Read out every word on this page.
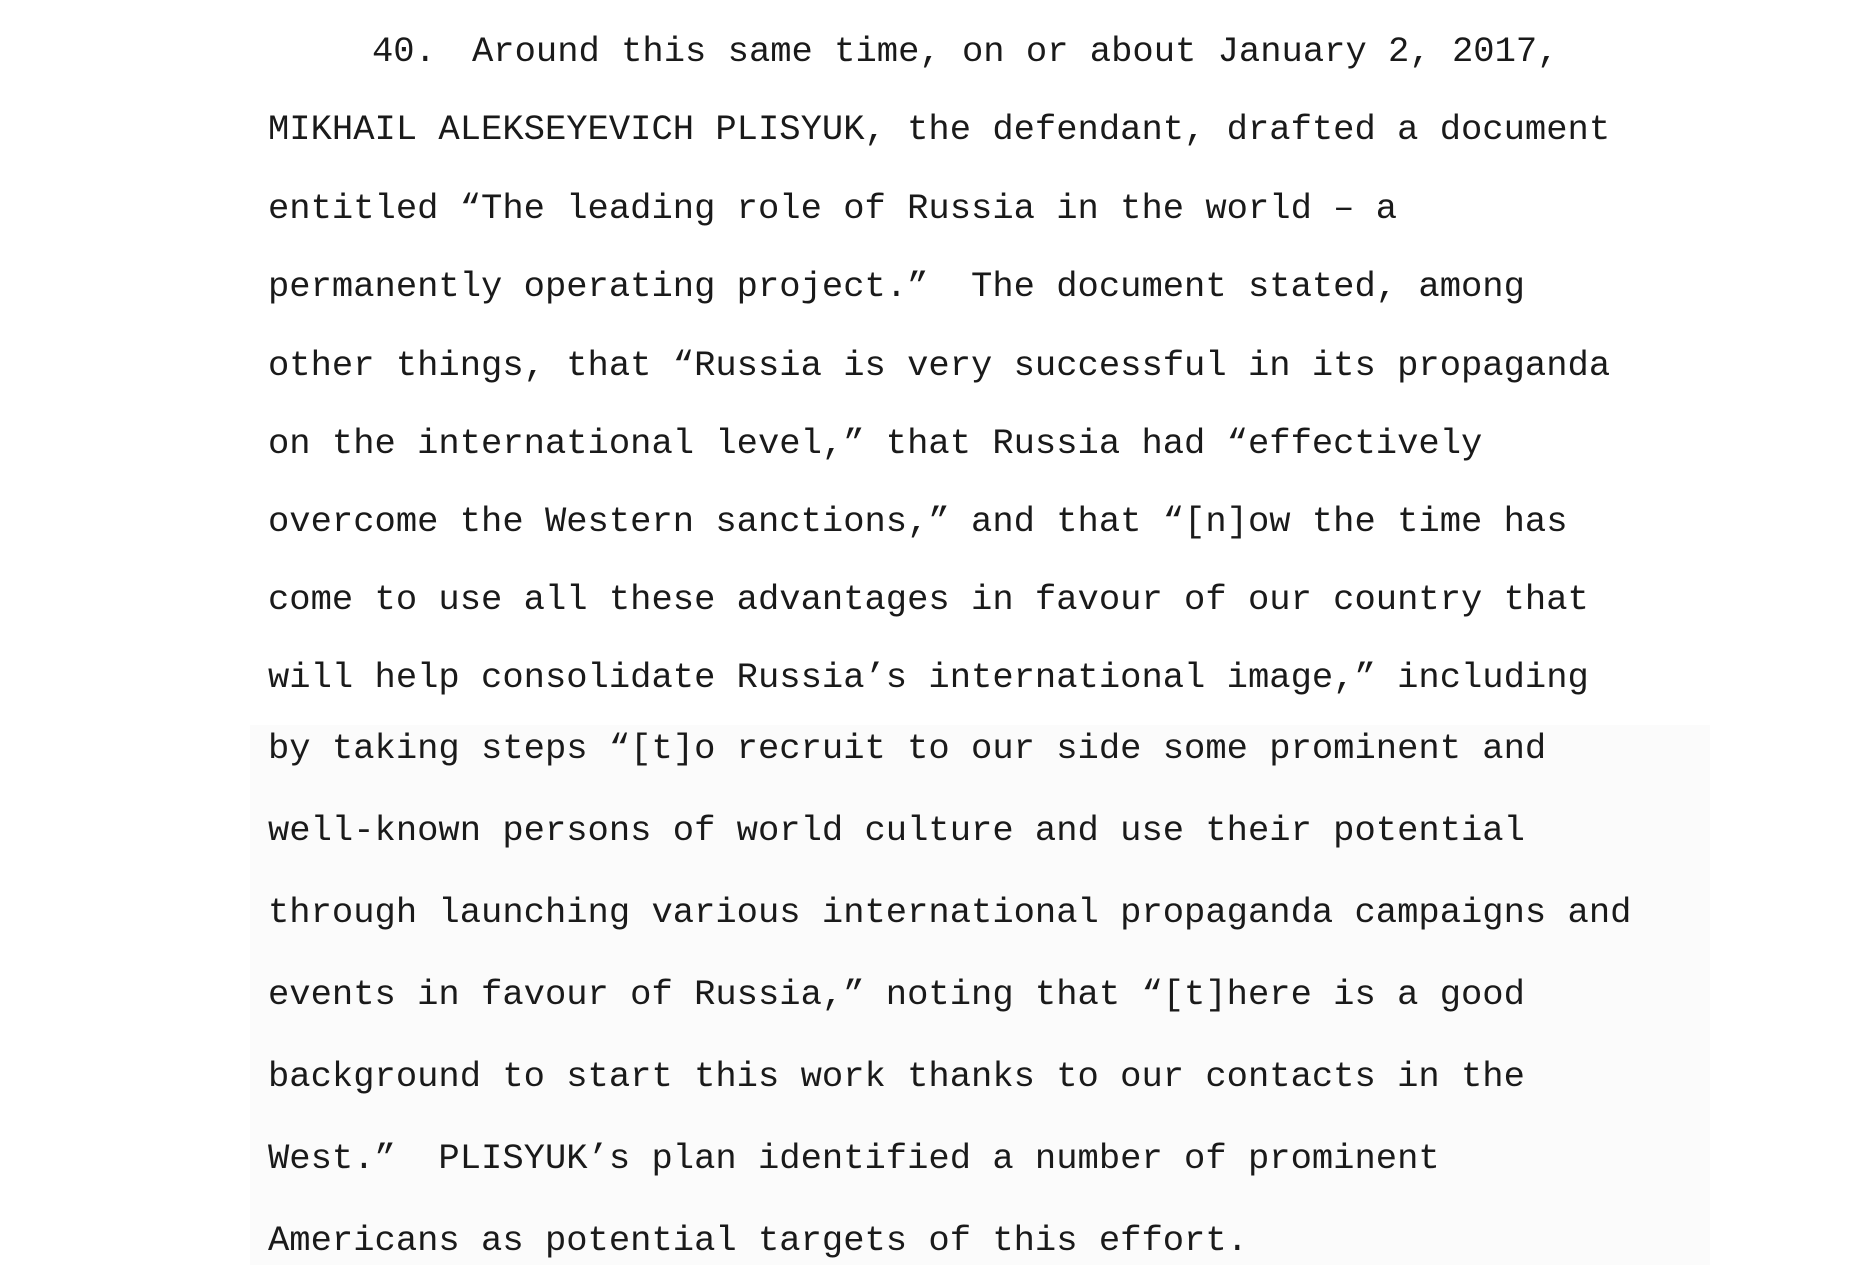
40. Around this same time, on or about January 2, 2017,
MIKHAIL ALEKSEYEVICH PLISYUK, the defendant, drafted a document
entitled “The leading role of Russia in the world – a
permanently operating project.”  The document stated, among
other things, that “Russia is very successful in its propaganda
on the international level,” that Russia had “effectively
overcome the Western sanctions,” and that “[n]ow the time has
come to use all these advantages in favour of our country that
will help consolidate Russia’s international image,” including
by taking steps “[t]o recruit to our side some prominent and
well-known persons of world culture and use their potential
through launching various international propaganda campaigns and
events in favour of Russia,” noting that “[t]here is a good
background to start this work thanks to our contacts in the
West.”  PLISYUK’s plan identified a number of prominent
Americans as potential targets of this effort.
